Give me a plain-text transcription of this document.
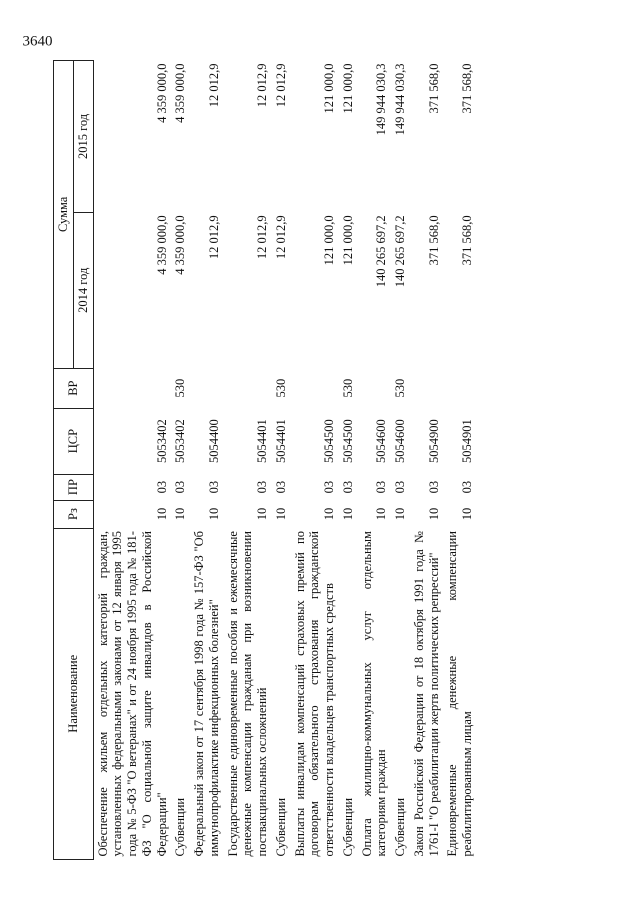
3640
Наименование	Рз	ПР	ЦСР	ВР	Сумма	
					2014 год	2015 год
Обеспечение жильем отдельных категорий граждан, установленных федеральными законами от 12 января 1995 года № 5-ФЗ "О ветеранах" и от 24 ноября 1995 года № 181-ФЗ "О социальной защите инвалидов в Российской Федерации"	10	03	5053402		4 359 000,0	4 359 000,0
Субвенции	10	03	5053402	530	4 359 000,0	4 359 000,0
Федеральный закон от 17 сентября 1998 года № 157-ФЗ "Об иммунопрофилактике инфекционных болезней"	10	03	5054400		12 012,9	12 012,9
Государственные единовременные пособия и ежемесячные денежные компенсации гражданам при возникновении поствакцинальных осложнений	10	03	5054401		12 012,9	12 012,9
Субвенции	10	03	5054401	530	12 012,9	12 012,9
Выплаты инвалидам компенсаций страховых премий по договорам обязательного страхования гражданской ответственности владельцев транспортных средств	10	03	5054500		121 000,0	121 000,0
Субвенции	10	03	5054500	530	121 000,0	121 000,0
Оплата жилищно-коммунальных услуг отдельным категориям граждан	10	03	5054600		140 265 697,2	149 944 030,3
Субвенции	10	03	5054600	530	140 265 697,2	149 944 030,3
Закон Российской Федерации от 18 октября 1991 года № 1761-I "О реабилитации жертв политических репрессий"	10	03	5054900		371 568,0	371 568,0
Единовременные денежные компенсации реабилитированным лицам	10	03	5054901		371 568,0	371 568,0
